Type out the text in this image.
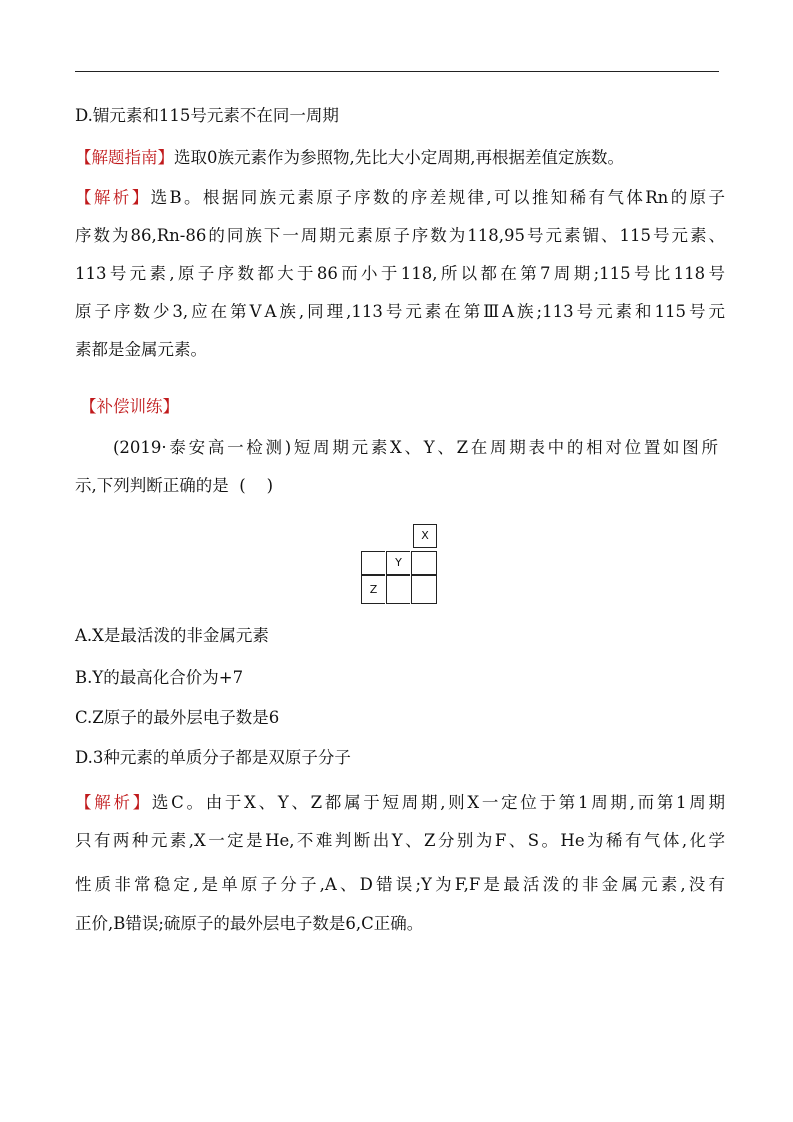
D.镅元素和115号元素不在同一周期
【解题指南】选取0族元素作为参照物,先比大小定周期,再根据差值定族数。
【解析】选B。根据同族元素原子序数的序差规律,可以推知稀有气体Rn的原子
序数为86,Rn-86的同族下一周期元素原子序数为118,95号元素镅、115号元素、
113号元素,原子序数都大于86而小于118,所以都在第7周期;115号比118号
原子序数少3,应在第ⅤA族,同理,113号元素在第ⅢA族;113号元素和115号元
素都是金属元素。
【补偿训练】
(2019·泰安高一检测)短周期元素X、Y、Z在周期表中的相对位置如图所
示,下列判断正确的是  (    )
X
Y
Z
A.X是最活泼的非金属元素
B.Y的最高化合价为+7
C.Z原子的最外层电子数是6
D.3种元素的单质分子都是双原子分子
【解析】选C。由于X、Y、Z都属于短周期,则X一定位于第1周期,而第1周期
只有两种元素,X一定是He,不难判断出Y、Z分别为F、S。He为稀有气体,化学
性质非常稳定,是单原子分子,A、D错误;Y为F,F是最活泼的非金属元素,没有
正价,B错误;硫原子的最外层电子数是6,C正确。
